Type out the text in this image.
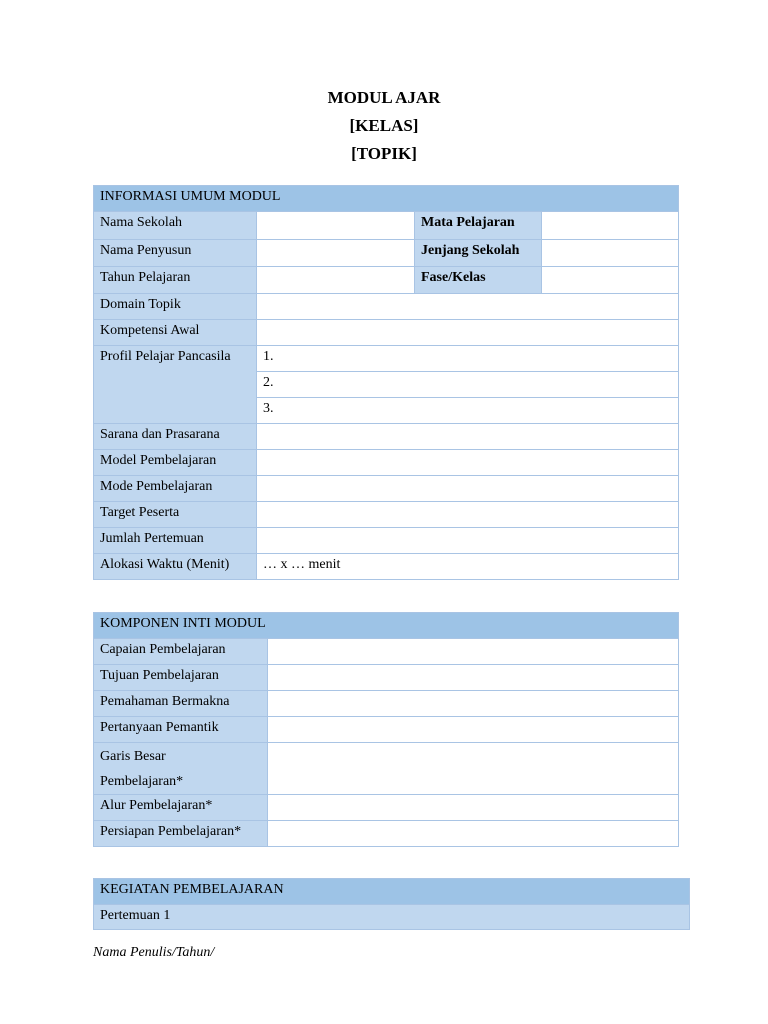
MODUL AJAR
[KELAS]
[TOPIK]
INFORMASI UMUM MODUL			
Nama Sekolah		Mata Pelajaran	
Nama Penyusun		Jenjang Sekolah	
Tahun Pelajaran		Fase/Kelas	
Domain Topik			
Kompetensi Awal			
Profil Pelajar Pancasila	1.		
	2.		
	3.		
Sarana dan Prasarana			
Model Pembelajaran			
Mode Pembelajaran			
Target Peserta			
Jumlah Pertemuan			
Alokasi Waktu (Menit)	… x … menit		
KOMPONEN INTI MODUL	
Capaian Pembelajaran	
Tujuan Pembelajaran	
Pemahaman Bermakna	
Pertanyaan Pemantik	

Garis Besar
Pembelajaran*	

Alur Pembelajaran*	
Persiapan Pembelajaran*	
KEGIATAN PEMBELAJARAN
Pertemuan 1
Nama Penulis/Tahun/
